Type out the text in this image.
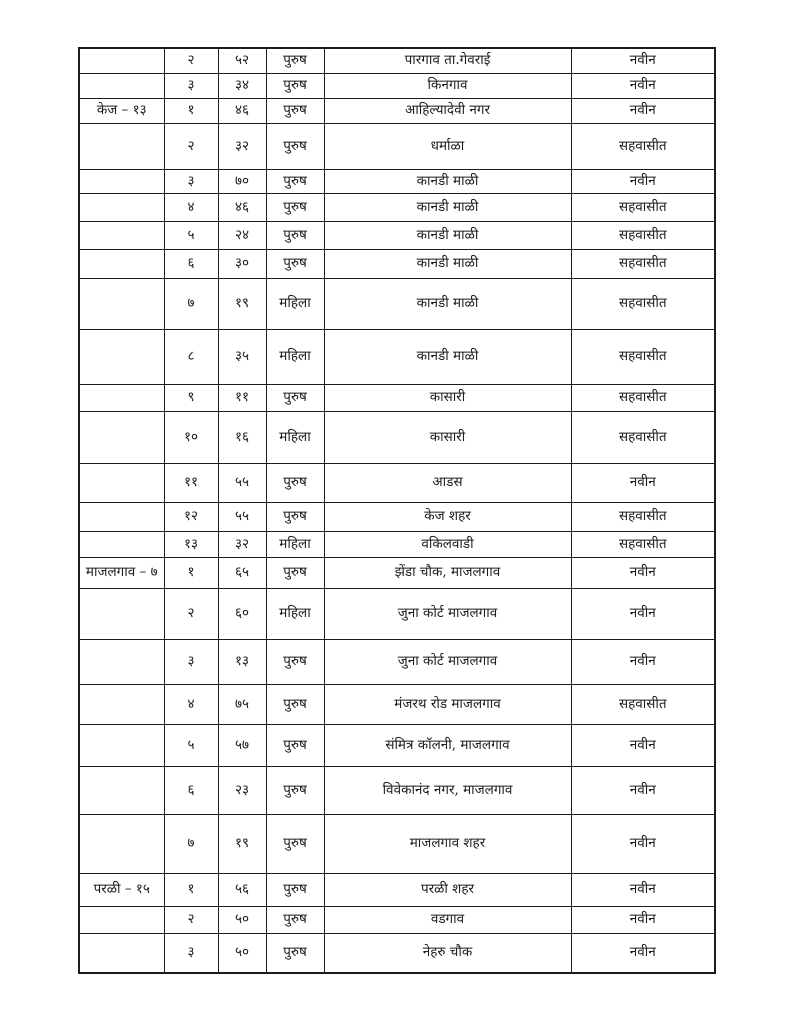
	२	५२	पुरुष	पारगाव ता.गेवराई	नवीन
	३	३४	पुरुष	किनगाव	नवीन
केज – १३	१	४६	पुरुष	आहिल्यादेवी नगर	नवीन
	२	३२	पुरुष	धर्माळा	सहवासीत
	३	७०	पुरुष	कानडी माळी	नवीन
	४	४६	पुरुष	कानडी माळी	सहवासीत
	५	२४	पुरुष	कानडी माळी	सहवासीत
	६	३०	पुरुष	कानडी माळी	सहवासीत
	७	१९	महिला	कानडी माळी	सहवासीत
	८	३५	महिला	कानडी माळी	सहवासीत
	९	११	पुरुष	कासारी	सहवासीत
	१०	१६	महिला	कासारी	सहवासीत
	११	५५	पुरुष	आडस	नवीन
	१२	५५	पुरुष	केज शहर	सहवासीत
	१३	३२	महिला	वकिलवाडी	सहवासीत
माजलगाव – ७	१	६५	पुरुष	झेंडा चौक, माजलगाव	नवीन
	२	६०	महिला	जुना कोर्ट माजलगाव	नवीन
	३	१३	पुरुष	जुना कोर्ट माजलगाव	नवीन
	४	७५	पुरुष	मंजरथ रोड माजलगाव	सहवासीत
	५	५७	पुरुष	संमित्र कॉलनी, माजलगाव	नवीन
	६	२३	पुरुष	विवेकानंद नगर, माजलगाव	नवीन
	७	१९	पुरुष	माजलगाव शहर	नवीन
परळी – १५	१	५६	पुरुष	परळी शहर	नवीन
	२	५०	पुरुष	वडगाव	नवीन
	३	५०	पुरुष	नेहरु चौक	नवीन
